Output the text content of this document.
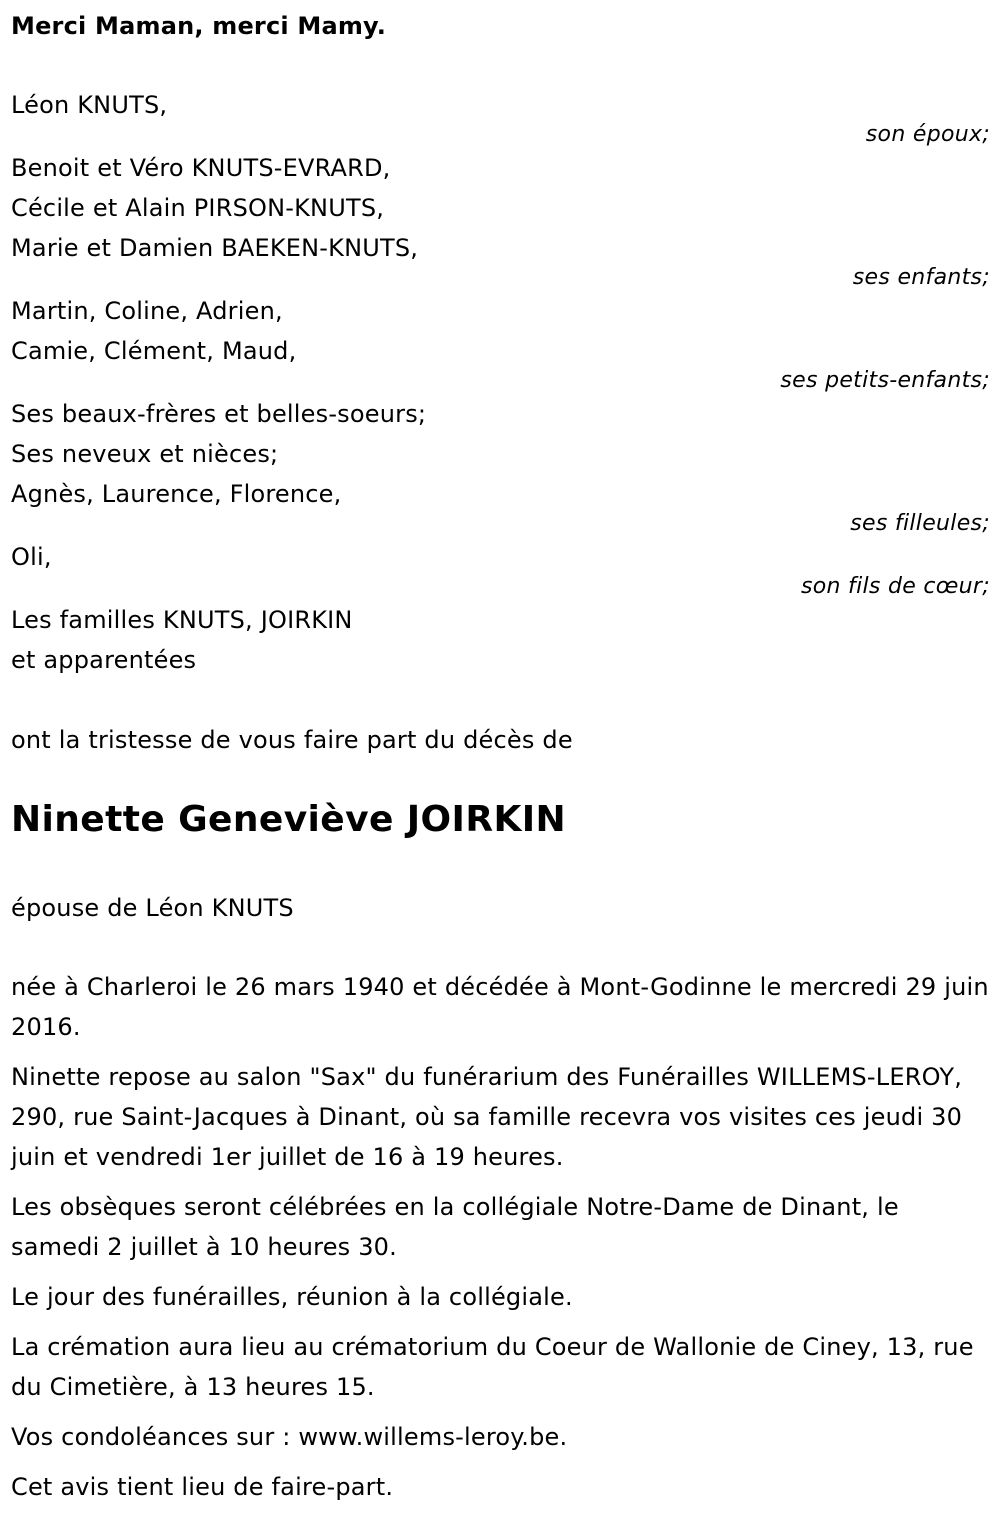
Merci Maman, merci Mamy.
Léon KNUTS,
son époux;
Benoit et Véro KNUTS-EVRARD,
Cécile et Alain PIRSON-KNUTS,
Marie et Damien BAEKEN-KNUTS,
ses enfants;
Martin, Coline, Adrien,
Camie, Clément, Maud,
ses petits-enfants;
Ses beaux-frères et belles-soeurs;
Ses neveux et nièces;
Agnès, Laurence, Florence,
ses filleules;
Oli,
son fils de cœur;
Les familles KNUTS, JOIRKIN
et apparentées
ont la tristesse de vous faire part du décès de
Ninette Geneviève JOIRKIN
épouse de Léon KNUTS
née à Charleroi le 26 mars 1940 et décédée à Mont-Godinne le mercredi 29 juin 2016.
Ninette repose au salon "Sax" du funérarium des Funérailles WILLEMS-LEROY, 290, rue Saint-Jacques à Dinant, où sa famille recevra vos visites ces jeudi 30 juin et vendredi 1er juillet de 16 à 19 heures.
Les obsèques seront célébrées en la collégiale Notre-Dame de Dinant, le samedi 2 juillet à 10 heures 30.
Le jour des funérailles, réunion à la collégiale.
La crémation aura lieu au crématorium du Coeur de Wallonie de Ciney, 13, rue du Cimetière, à 13 heures 15.
Vos condoléances sur : www.willems-leroy.be.
Cet avis tient lieu de faire-part.
